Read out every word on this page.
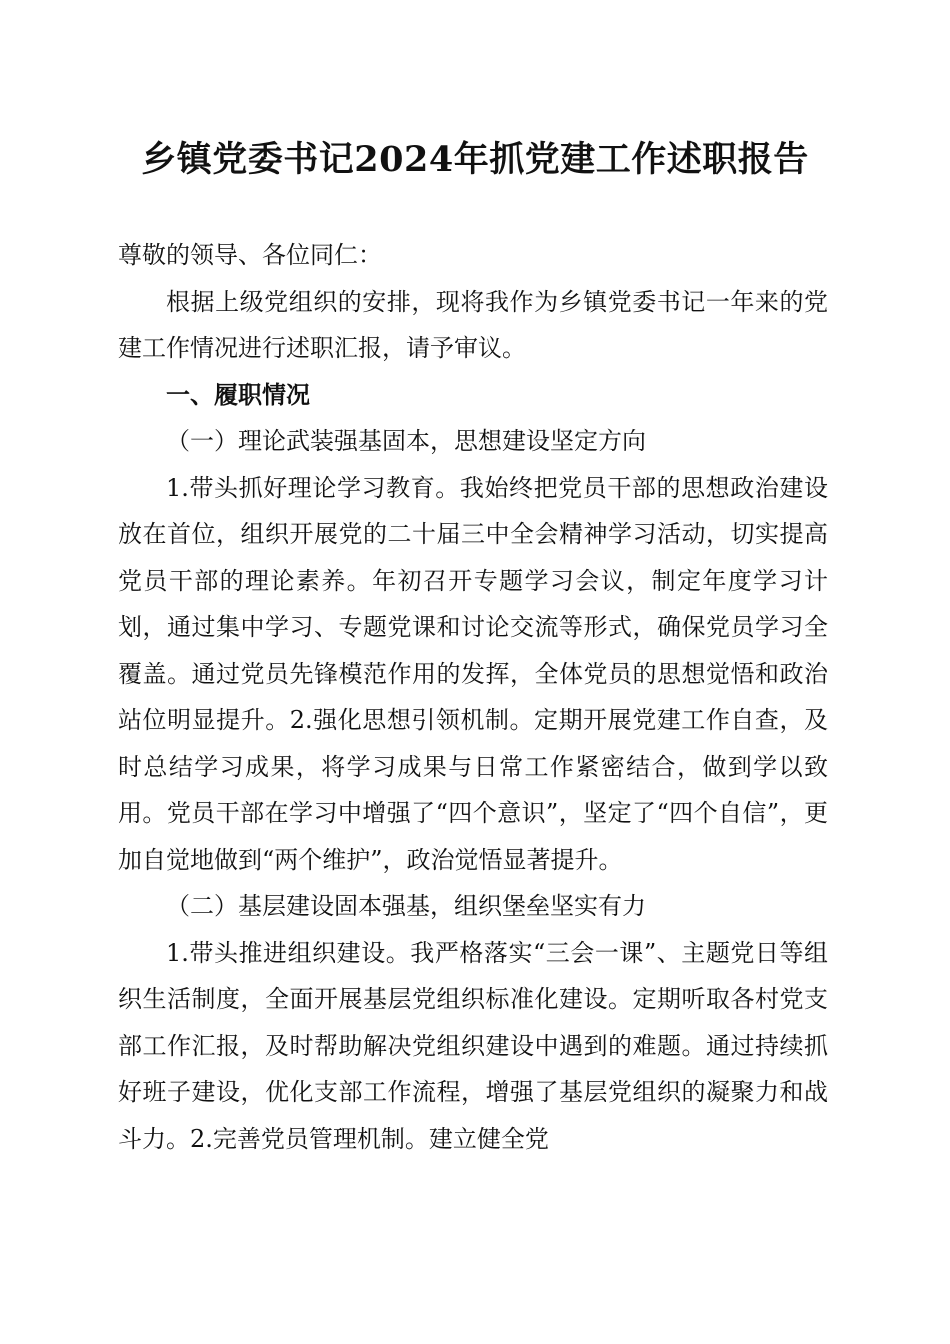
乡镇党委书记2024年抓党建工作述职报告

尊敬的领导、各位同仁：

根据上级党组织的安排，现将我作为乡镇党委书记一年来的党建工作情况进行述职汇报，请予审议。

一、履职情况

（一）理论武装强基固本，思想建设坚定方向

1.带头抓好理论学习教育。我始终把党员干部的思想政治建设放在首位，组织开展党的二十届三中全会精神学习活动，切实提高党员干部的理论素养。年初召开专题学习会议，制定年度学习计划，通过集中学习、专题党课和讨论交流等形式，确保党员学习全覆盖。通过党员先锋模范作用的发挥，全体党员的思想觉悟和政治站位明显提升。2.强化思想引领机制。定期开展党建工作自查，及时总结学习成果，将学习成果与日常工作紧密结合，做到学以致用。党员干部在学习中增强了“四个意识”，坚定了“四个自信”，更加自觉地做到“两个维护”，政治觉悟显著提升。

（二）基层建设固本强基，组织堡垒坚实有力

1.带头推进组织建设。我严格落实“三会一课”、主题党日等组织生活制度，全面开展基层党组织标准化建设。定期听取各村党支部工作汇报，及时帮助解决党组织建设中遇到的难题。通过持续抓好班子建设，优化支部工作流程，增强了基层党组织的凝聚力和战斗力。2.完善党员管理机制。建立健全党
